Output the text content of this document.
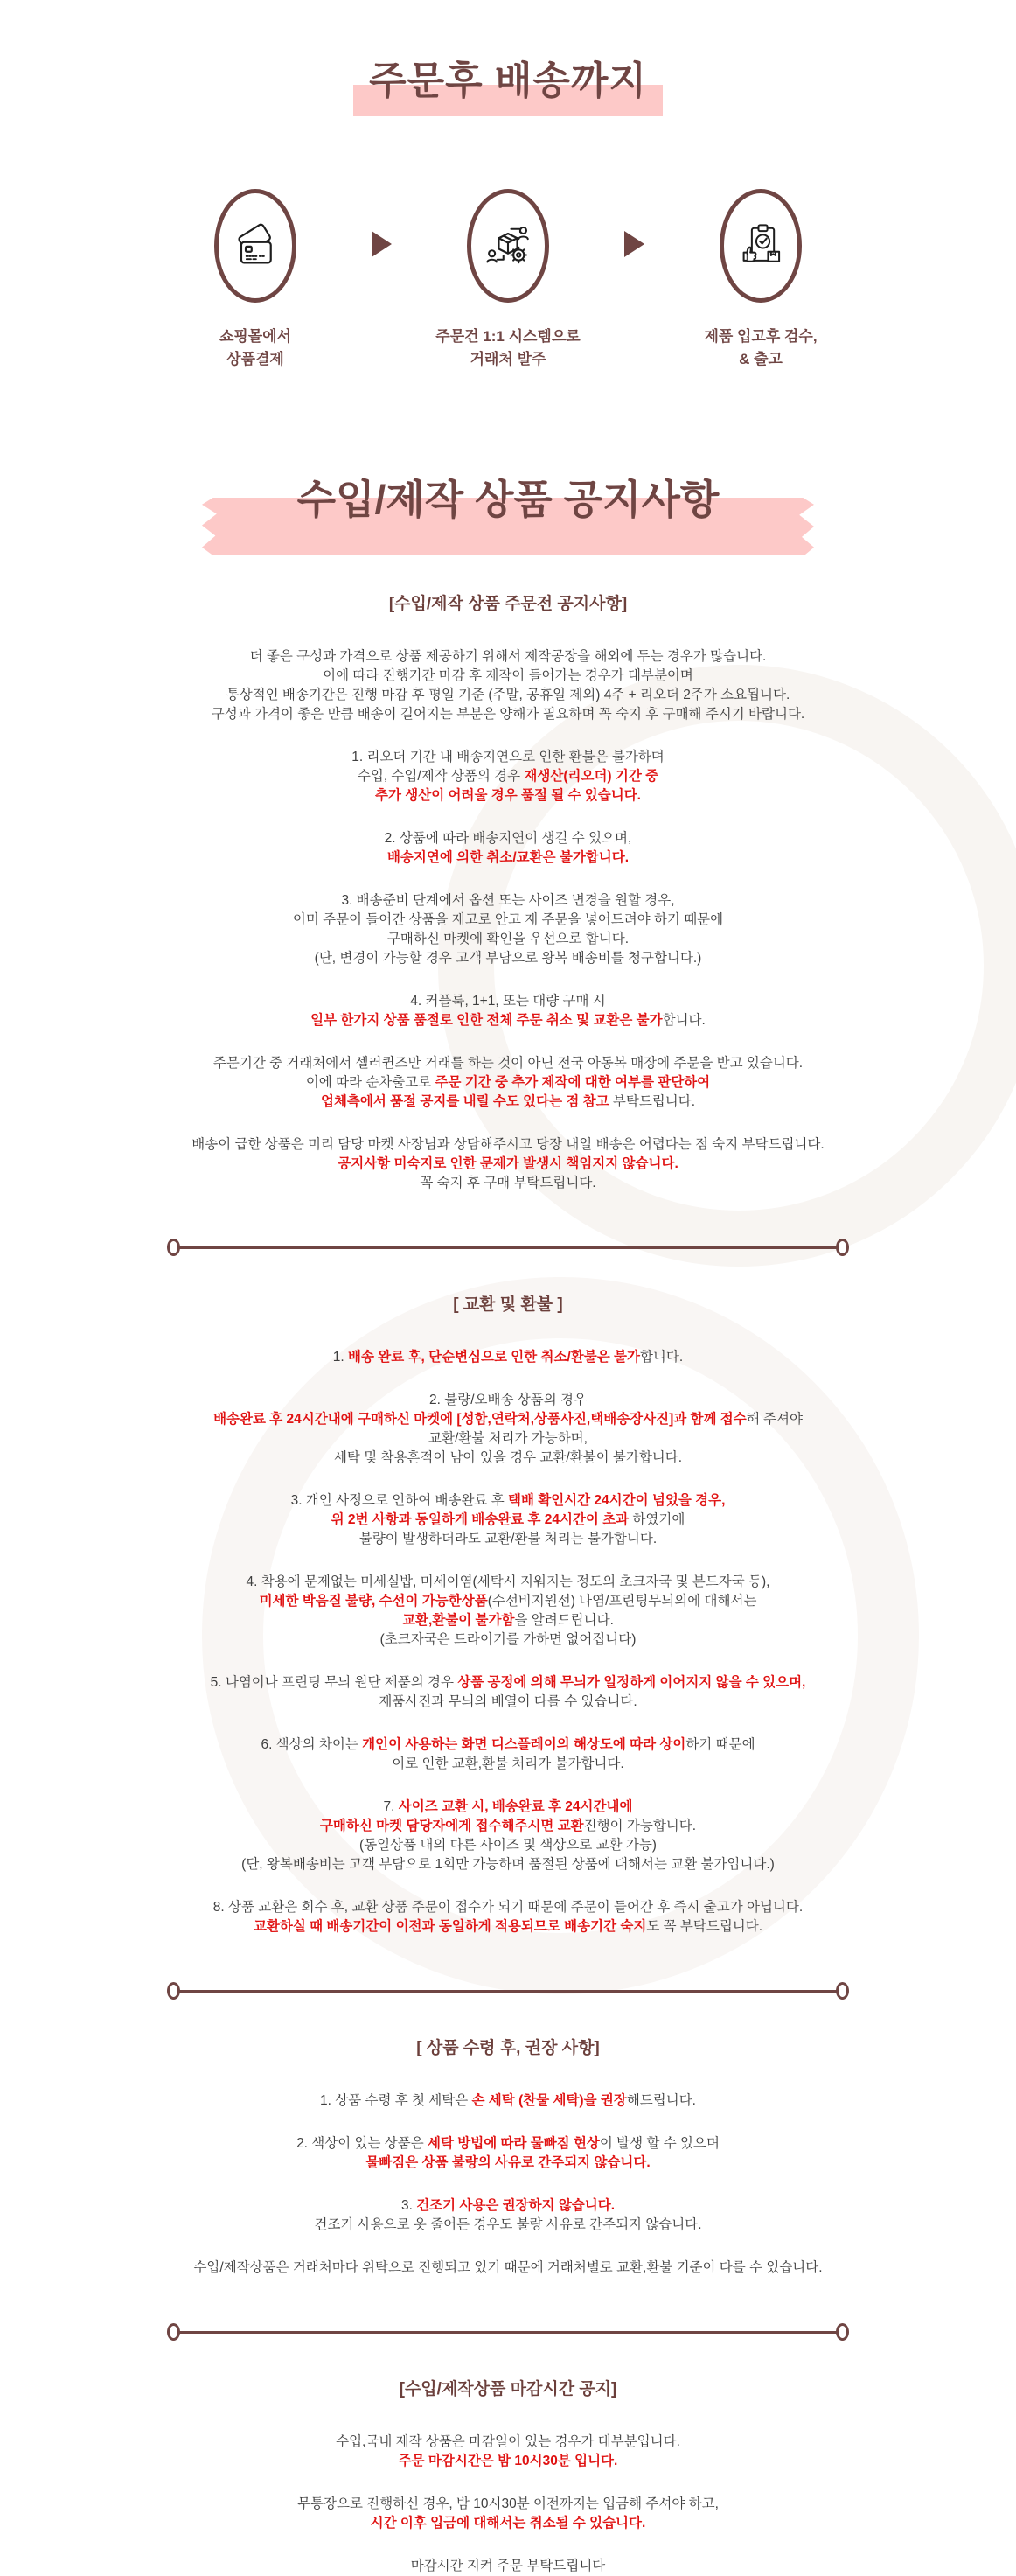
주문후 배송까지
쇼핑몰에서
상품결제
주문건 1:1 시스템으로
거래처 발주
제품 입고후 검수,
& 출고
수입/제작 상품 공지사항
[수입/제작 상품 주문전 공지사항]

더 좋은 구성과 가격으로 상품 제공하기 위해서 제작공장을 해외에 두는 경우가 많습니다.

이에 따라 진행기간 마감 후 제작이 들어가는 경우가 대부분이며

통상적인 배송기간은 진행 마감 후 평일 기준 (주말, 공휴일 제외) 4주 + 리오더 2주가 소요됩니다.

구성과 가격이 좋은 만큼 배송이 길어지는 부분은 양해가 필요하며 꼭 숙지 후 구매해 주시기 바랍니다.

1. 리오더 기간 내 배송지연으로 인한 환불은 불가하며

수입, 수입/제작 상품의 경우 재생산(리오더) 기간 중

추가 생산이 어려울 경우 품절 될 수 있습니다.

2. 상품에 따라 배송지연이 생길 수 있으며,

배송지연에 의한 취소/교환은 불가합니다.

3. 배송준비 단계에서 옵션 또는 사이즈 변경을 원할 경우,

이미 주문이 들어간 상품을 재고로 안고 재 주문을 넣어드려야 하기 때문에

구매하신 마켓에 확인을 우선으로 합니다.

(단, 변경이 가능할 경우 고객 부담으로 왕복 배송비를 청구합니다.)

4. 커플룩, 1+1, 또는 대량 구매 시

일부 한가지 상품 품절로 인한 전체 주문 취소 및 교환은 불가합니다.

주문기간 중 거래처에서 셀러퀸즈만 거래를 하는 것이 아닌 전국 아동복 매장에 주문을 받고 있습니다.

이에 따라 순차출고로 주문 기간 중 추가 제작에 대한 여부를 판단하여

업체측에서 품절 공지를 내릴 수도 있다는 점 참고 부탁드립니다.

배송이 급한 상품은 미리 담당 마켓 사장님과 상담해주시고 당장 내일 배송은 어렵다는 점 숙지 부탁드립니다.

공지사항 미숙지로 인한 문제가 발생시 책임지지 않습니다.

꼭 숙지 후 구매 부탁드립니다.

[ 교환 및 환불 ]

1. 배송 완료 후, 단순변심으로 인한 취소/환불은 불가합니다.

2. 불량/오배송 상품의 경우

배송완료 후 24시간내에 구매하신 마켓에 [성함,연락처,상품사진,택배송장사진]과 함께 접수해 주셔야

교환/환불 처리가 가능하며,

세탁 및 착용흔적이 남아 있을 경우 교환/환불이 불가합니다.

3. 개인 사정으로 인하여 배송완료 후 택배 확인시간 24시간이 넘었을 경우,

위 2번 사항과 동일하게 배송완료 후 24시간이 초과 하였기에

불량이 발생하더라도 교환/환불 처리는 불가합니다.

4. 착용에 문제없는 미세실밥, 미세이염(세탁시 지워지는 정도의 초크자국 및 본드자국 등),

미세한 박음질 불량, 수선이 가능한상품(수선비지원선) 나염/프린팅무늬의에 대해서는

교환,환불이 불가함을 알려드립니다.

(초크자국은 드라이기를 가하면 없어집니다)

5. 나염이나 프린팅 무늬 원단 제품의 경우 상품 공정에 의해 무늬가 일정하게 이어지지 않을 수 있으며,

제품사진과 무늬의 배열이 다를 수 있습니다.

6. 색상의 차이는 개인이 사용하는 화면 디스플레이의 해상도에 따라 상이하기 때문에

이로 인한 교환,환불 처리가 불가합니다.

7. 사이즈 교환 시, 배송완료 후 24시간내에

구매하신 마켓 담당자에게 접수해주시면 교환진행이 가능합니다.

(동일상품 내의 다른 사이즈 및 색상으로 교환 가능)

(단, 왕복배송비는 고객 부담으로 1회만 가능하며 품절된 상품에 대해서는 교환 불가입니다.)

8. 상품 교환은 회수 후, 교환 상품 주문이 접수가 되기 때문에 주문이 들어간 후 즉시 출고가 아닙니다.

교환하실 때 배송기간이 이전과 동일하게 적용되므로 배송기간 숙지도 꼭 부탁드립니다.

[ 상품 수령 후, 권장 사항]

1. 상품 수령 후 첫 세탁은 손 세탁 (찬물 세탁)을 권장해드립니다.

2. 색상이 있는 상품은 세탁 방법에 따라 물빠짐 현상이 발생 할 수 있으며

물빠짐은 상품 불량의 사유로 간주되지 않습니다.

3. 건조기 사용은 권장하지 않습니다.

건조기 사용으로 옷 줄어든 경우도 불량 사유로 간주되지 않습니다.

수입/제작상품은 거래처마다 위탁으로 진행되고 있기 때문에 거래처별로 교환,환불 기준이 다를 수 있습니다.

[수입/제작상품 마감시간 공지]

수입,국내 제작 상품은 마감일이 있는 경우가 대부분입니다.

주문 마감시간은 밤 10시30분 입니다.

무통장으로 진행하신 경우, 밤 10시30분 이전까지는 입금해 주셔야 하고,

시간 이후 입금에 대해서는 취소될 수 있습니다.

마감시간 지켜 주문 부탁드립니다
